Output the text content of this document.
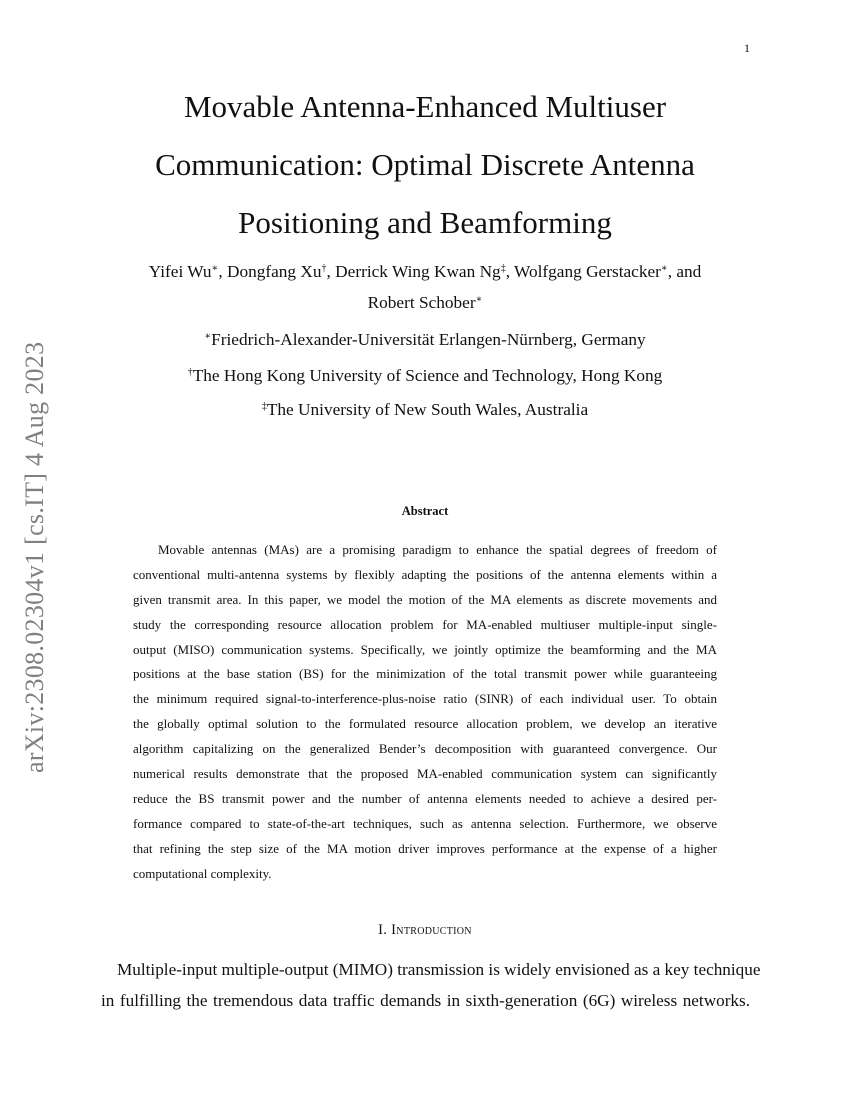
1
arXiv:2308.02304v1 [cs.IT] 4 Aug 2023
Movable Antenna-Enhanced Multiuser
Communication: Optimal Discrete Antenna
Positioning and Beamforming

Yifei Wu∗, Dongfang Xu†, Derrick Wing Kwan Ng‡, Wolfgang Gerstacker∗, and
Robert Schober∗

∗Friedrich-Alexander-Universität Erlangen-Nürnberg, Germany

†The Hong Kong University of Science and Technology, Hong Kong

‡The University of New South Wales, Australia

Abstract
Movable antennas (MAs) are a promising paradigm to enhance the spatial degrees of freedom of
conventional multi-antenna systems by flexibly adapting the positions of the antenna elements within a
given transmit area. In this paper, we model the motion of the MA elements as discrete movements and
study the corresponding resource allocation problem for MA-enabled multiuser multiple-input single-
output (MISO) communication systems. Specifically, we jointly optimize the beamforming and the MA
positions at the base station (BS) for the minimization of the total transmit power while guaranteeing
the minimum required signal-to-interference-plus-noise ratio (SINR) of each individual user. To obtain
the globally optimal solution to the formulated resource allocation problem, we develop an iterative
algorithm capitalizing on the generalized Bender’s decomposition with guaranteed convergence. Our
numerical results demonstrate that the proposed MA-enabled communication system can significantly
reduce the BS transmit power and the number of antenna elements needed to achieve a desired per-
formance compared to state-of-the-art techniques, such as antenna selection. Furthermore, we observe
that refining the step size of the MA motion driver improves performance at the expense of a higher
computational complexity.
I. Introduction
Multiple-input multiple-output (MIMO) transmission is widely envisioned as a key technique
in fulfilling the tremendous data traffic demands in sixth-generation (6G) wireless networks.
